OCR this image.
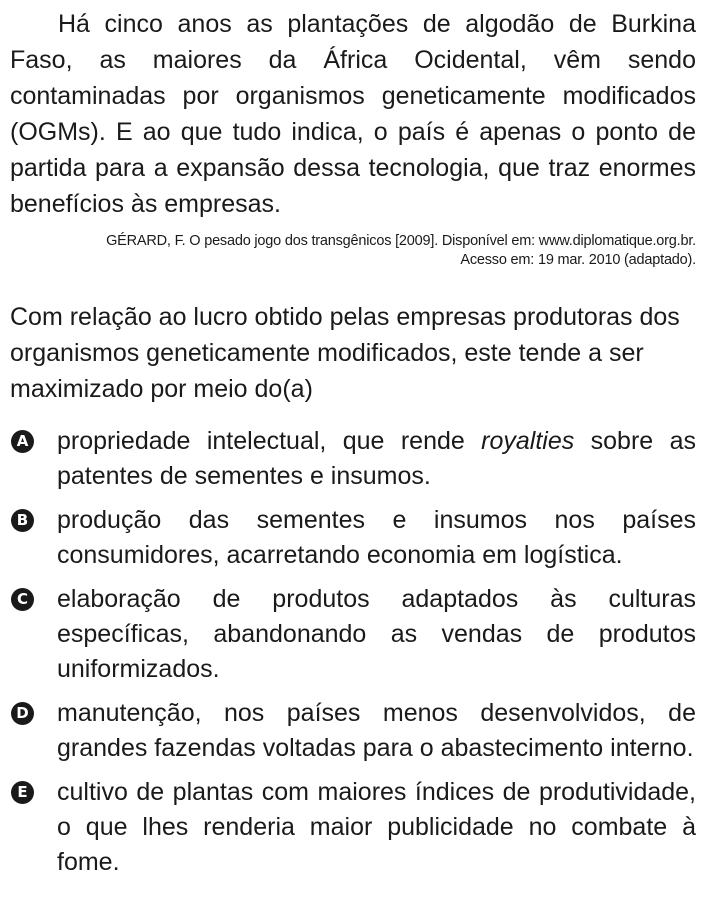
Há cinco anos as plantações de algodão de Burkina Faso, as maiores da África Ocidental, vêm sendo contaminadas por organismos geneticamente modificados (OGMs). E ao que tudo indica, o país é apenas o ponto de partida para a expansão dessa tecnologia, que traz enormes benefícios às empresas.

GÉRARD, F. O pesado jogo dos transgênicos [2009]. Disponível em: www.diplomatique.org.br.
Acesso em: 19 mar. 2010 (adaptado).

Com relação ao lucro obtido pelas empresas produtoras dos organismos geneticamente modificados, este tende a ser maximizado por meio do(a)

A propriedade intelectual, que rende royalties sobre as patentes de sementes e insumos.
B produção das sementes e insumos nos países consumidores, acarretando economia em logística.
C elaboração de produtos adaptados às culturas específicas, abandonando as vendas de produtos uniformizados.
D manutenção, nos países menos desenvolvidos, de grandes fazendas voltadas para o abastecimento interno.
E cultivo de plantas com maiores índices de produtividade, o que lhes renderia maior publicidade no combate à fome.
